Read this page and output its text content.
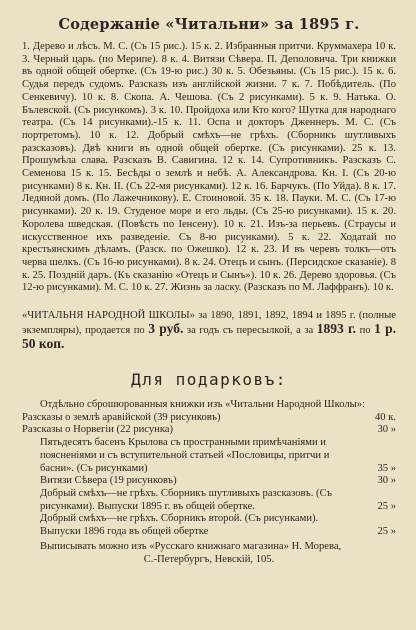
Содержаніе «Читальни» за 1895 г.

1. Дерево и лѣсъ. М. С. (Съ 15 рис.). 15 к. 2. Избранныя притчи. Круммахера 10 к. 3. Черный царь. (по Мерипе). 8 к. 4. Витязи Сѣвера. П. Деполовича. Три книжки въ одной общей обертке. (Съ 19-ю рис.) 30 к. 5. Обезьяны. (Съ 15 рис.). 15 к. 6. Судья передъ судомъ. Разсказъ изъ англійской жизни. 7 к. 7. Побѣдитель. (По Сенкевичу). 10 к. 8. Скопа. А. Чешова. (Съ 2 рисунками). 5 к. 9. Натька. О. Бълевской. (Съ рисункомъ). 3 к. 10. Пройдоха или Кто кого? Шутка для народнаго театра. (Съ 14 рисунками).-15 к. 11. Оспа и докторъ Дженнеръ. М. С. (Съ портретомъ). 10 к. 12. Добрый смѣхъ—не грѣхъ. (Сборникъ шутливыхъ разсказовъ). Двѣ книги въ одной общей обертке. (Съ рисунками). 25 к. 13. Прошумѣла слава. Разсказъ В. Савигина. 12 к. 14. Супротивникъ. Разсказъ С. Семенова 15 к. 15. Бесѣды о землѣ и небѣ. А. Александрова. Кн. I. (Съ 20-ю рисунками) 8 к. Кн. II. (Съ 22-мя рисунками). 12 к. 16. Барчукъ. (По Уйда). 8 к. 17. Ледяной домъ. (По Лажечникову). Е. Стоиновой. 35 к. 18. Пауки. М. С. (Съ 17-ю рисунками). 20 к. 19. Студеное море и его льды. (Съ 25-ю рисунками). 15 к. 20. Королева шведская. (Повѣсть по Іенсену). 10 к. 21. Изъ-за перьевъ. (Страусы и искусственное ихъ разведеніе. Съ 8-ю рисунками). 5 к. 22. Ходатай по крестьянскимъ дѣламъ. (Разск. по Ожешко). 12 к. 23. И въ черевъ толкъ—отъ черва шелкъ. (Съ 16-ю рисунками). 8 к. 24. Отецъ и сынъ. (Персидское сказаніе). 8 к. 25. Поздній даръ. (Къ сказанію «Отецъ и Сынъ»). 10 к. 26. Дерево здоровья. (Съ 12-ю рисунками). М. С. 10 к. 27. Жизнь за ласку. (Разсказъ по М. Лаффранъ). 10 к.

«ЧИТАЛЬНЯ НАРОДНОЙ ШКОЛЫ» за 1890, 1891, 1892, 1894 и 1895 г. (полные экземпляры), продается по 3 руб. за годъ съ пересылкой, а за 1893 г. по 1 р. 50 коп.

Для подарковъ:

Отдѣльно сброшюрованныя книжки изъ «Читальни Народной Школы»:

Разсказы о землѣ аравійской (39 рисунковъ)	40 к.
Разсказы о Норвегіи (22 рисунка)	30 »
Пятьдесятъ басенъ Крылова съ пространными примѣчаніями и поясненіями и съ вступительной статьей «Пословицы, притчи и басни». (Съ рисунками)	35 »
Витязи Сѣвера (19 рисунковъ)	30 »
Добрый смѣхъ—не грѣхъ. Сборникъ шутливыхъ разсказовъ. (Съ рисунками). Выпуски 1895 г. въ общей обертке.	25 »
Добрый смѣхъ—не грѣхъ. Сборникъ второй. (Съ рисунками). Выпуски 1896 года въ общей обертке	25 »
Выписывать можно изъ «Русскаго книжнаго магазина» Н. Морева,
С.-Петербургъ, Невскій, 105.
